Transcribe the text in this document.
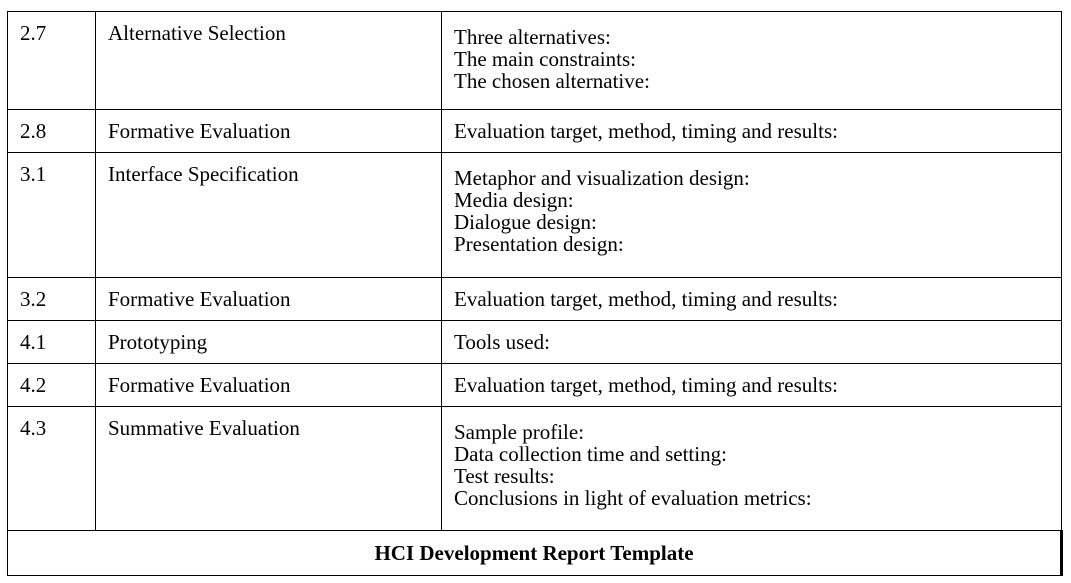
2.7	Alternative Selection	Three alternatives:
The main constraints:
The chosen alternative:

2.8	Formative Evaluation	Evaluation target, method, timing and results:

3.1	Interface Specification	Metaphor and visualization design:
Media design:
Dialogue design:
Presentation design:

3.2	Formative Evaluation	Evaluation target, method, timing and results:

4.1	Prototyping	Tools used:

4.2	Formative Evaluation	Evaluation target, method, timing and results:

4.3	Summative Evaluation	Sample profile:
Data collection time and setting:
Test results:
Conclusions in light of evaluation metrics:

HCI Development Report Template		
